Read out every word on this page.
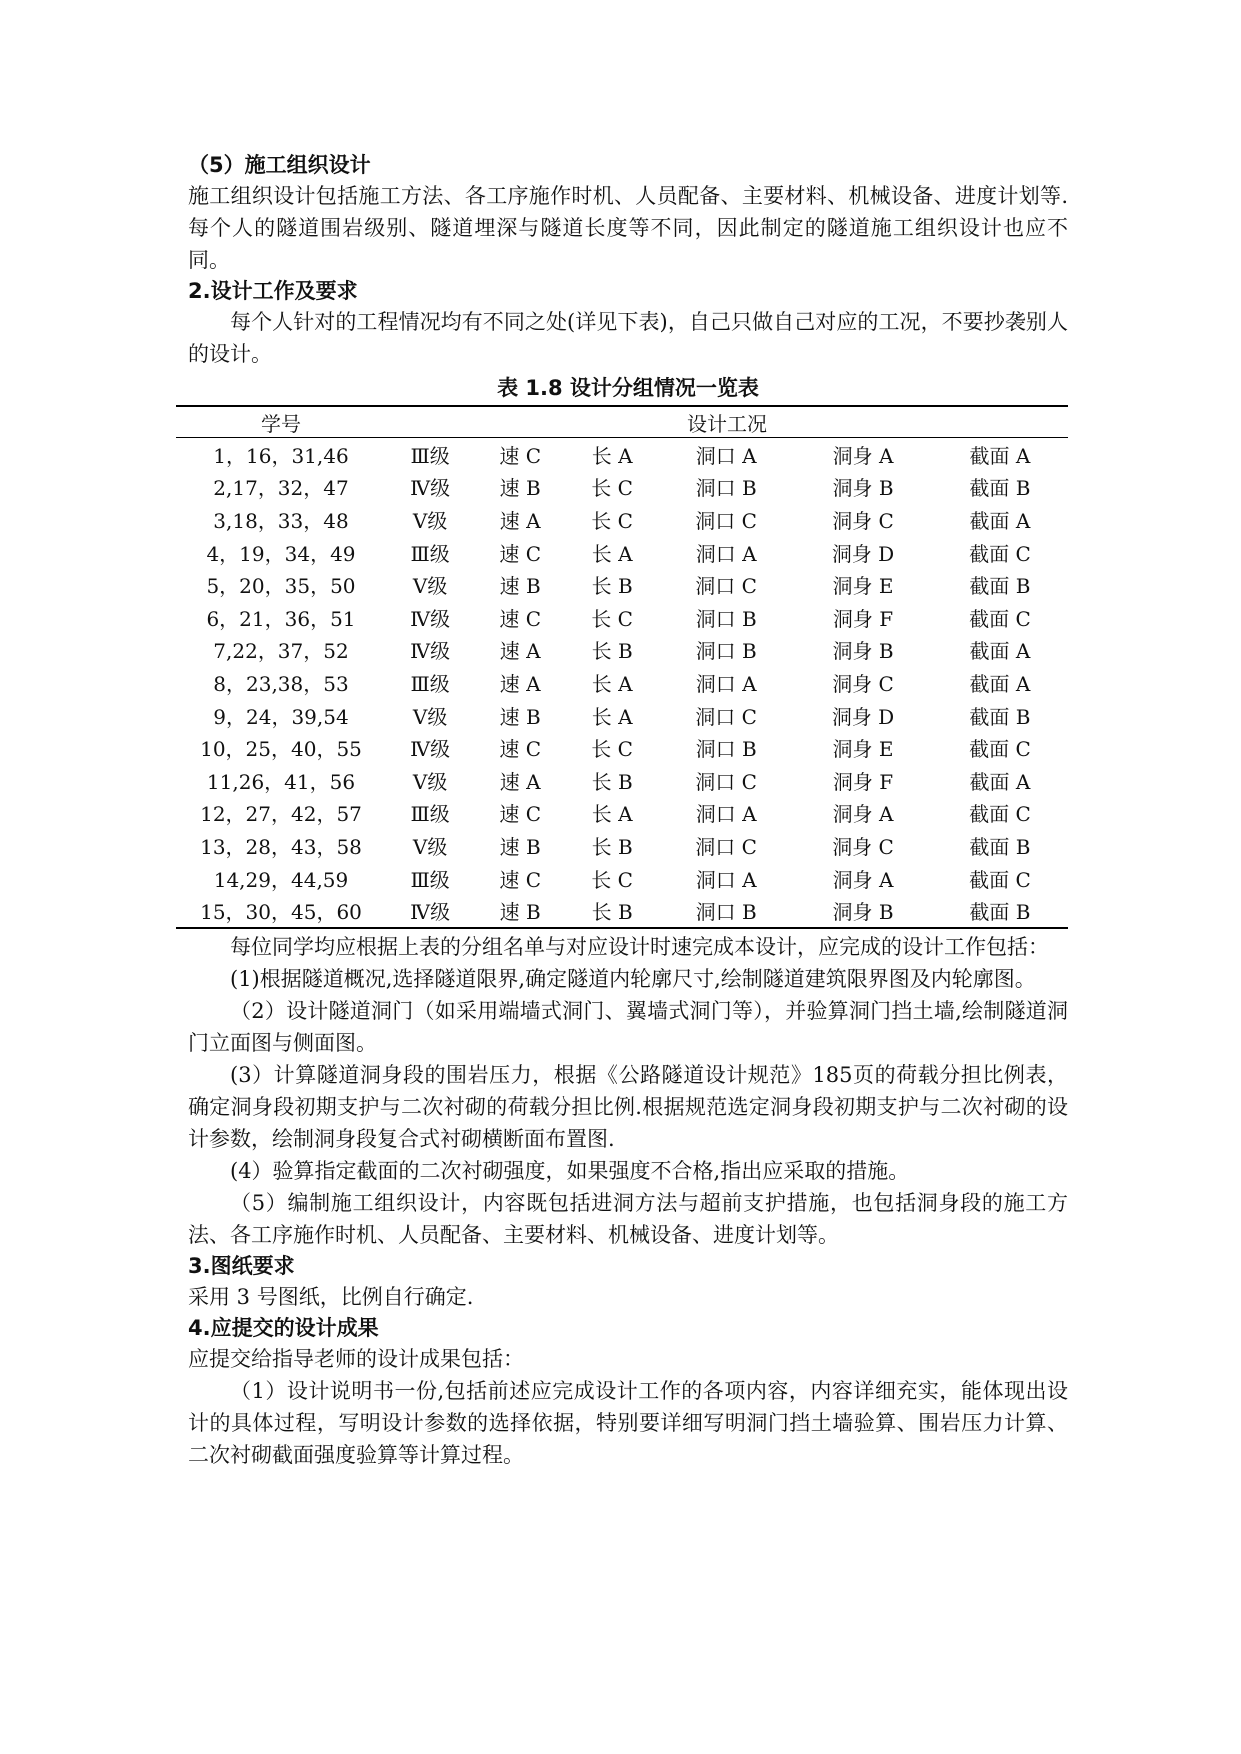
（5）施工组织设计

施工组织设计包括施工方法、各工序施作时机、人员配备、主要材料、机械设备、进度计划等.每个人的隧道围岩级别、隧道埋深与隧道长度等不同，因此制定的隧道施工组织设计也应不同。

2.设计工作及要求

每个人针对的工程情况均有不同之处(详见下表)，自己只做自己对应的工况，不要抄袭别人的设计。

表 1.8 设计分组情况一览表

学号	设计工况					
1，16，31,46	Ⅲ级	速 C	长 A	洞口 A	洞身 A	截面 A
2,17，32，47	Ⅳ级	速 B	长 C	洞口 B	洞身 B	截面 B
3,18，33，48	Ⅴ级	速 A	长 C	洞口 C	洞身 C	截面 A
4，19，34，49	Ⅲ级	速 C	长 A	洞口 A	洞身 D	截面 C
5，20，35，50	Ⅴ级	速 B	长 B	洞口 C	洞身 E	截面 B
6，21，36，51	Ⅳ级	速 C	长 C	洞口 B	洞身 F	截面 C
7,22，37，52	Ⅳ级	速 A	长 B	洞口 B	洞身 B	截面 A
8，23,38，53	Ⅲ级	速 A	长 A	洞口 A	洞身 C	截面 A
9，24，39,54	Ⅴ级	速 B	长 A	洞口 C	洞身 D	截面 B
10，25，40，55	Ⅳ级	速 C	长 C	洞口 B	洞身 E	截面 C
11,26，41，56	Ⅴ级	速 A	长 B	洞口 C	洞身 F	截面 A
12，27，42，57	Ⅲ级	速 C	长 A	洞口 A	洞身 A	截面 C
13，28，43，58	Ⅴ级	速 B	长 B	洞口 C	洞身 C	截面 B
14,29，44,59	Ⅲ级	速 C	长 C	洞口 A	洞身 A	截面 C
15，30，45，60	Ⅳ级	速 B	长 B	洞口 B	洞身 B	截面 B

每位同学均应根据上表的分组名单与对应设计时速完成本设计，应完成的设计工作包括：

(1)根据隧道概况,选择隧道限界,确定隧道内轮廓尺寸,绘制隧道建筑限界图及内轮廓图。

（2）设计隧道洞门（如采用端墙式洞门、翼墙式洞门等），并验算洞门挡土墙,绘制隧道洞门立面图与侧面图。

(3）计算隧道洞身段的围岩压力，根据《公路隧道设计规范》185页的荷载分担比例表，确定洞身段初期支护与二次衬砌的荷载分担比例.根据规范选定洞身段初期支护与二次衬砌的设计参数，绘制洞身段复合式衬砌横断面布置图.

(4）验算指定截面的二次衬砌强度，如果强度不合格,指出应采取的措施。

（5）编制施工组织设计，内容既包括进洞方法与超前支护措施，也包括洞身段的施工方法、各工序施作时机、人员配备、主要材料、机械设备、进度计划等。

3.图纸要求

采用 3 号图纸，比例自行确定.

4.应提交的设计成果

应提交给指导老师的设计成果包括：

（1）设计说明书一份,包括前述应完成设计工作的各项内容，内容详细充实，能体现出设计的具体过程，写明设计参数的选择依据，特别要详细写明洞门挡土墙验算、围岩压力计算、二次衬砌截面强度验算等计算过程。
